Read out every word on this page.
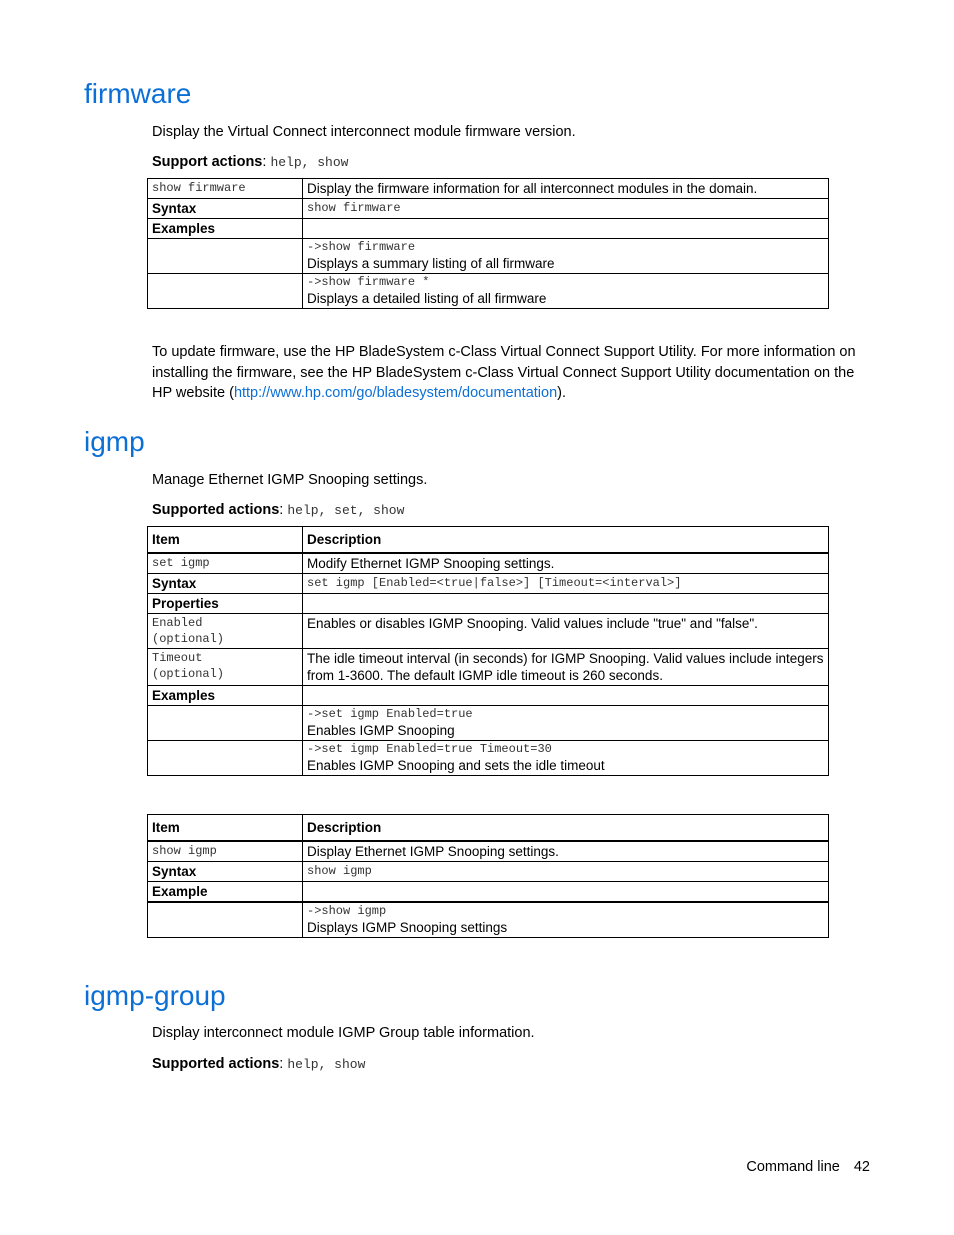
firmware

Display the Virtual Connect interconnect module firmware version.

Support actions: help, show
show firmware	Display the firmware information for all interconnect modules in the domain.
Syntax	show firmware
Examples	

	->show firmware
Displays a summary listing of all firmware

	->show firmware *
Displays a detailed listing of all firmware

To update firmware, use the HP BladeSystem c-Class Virtual Connect Support Utility. For more information on installing the firmware, see the HP BladeSystem c-Class Virtual Connect Support Utility documentation on the HP website (http://www.hp.com/go/bladesystem/documentation).

igmp

Manage Ethernet IGMP Snooping settings.

Supported actions: help, set, show
Item	Description
set igmp	Modify Ethernet IGMP Snooping settings.
Syntax	set igmp [Enabled=<true|false>] [Timeout=<interval>]
Properties	

Enabled
(optional)	Enables or disables IGMP Snooping. Valid values include "true" and "false".

Timeout
(optional)	The idle timeout interval (in seconds) for IGMP Snooping. Valid values include integers from 1-3600. The default IGMP idle timeout is 260 seconds.
Examples	

	->set igmp Enabled=true
Enables IGMP Snooping

	->set igmp Enabled=true Timeout=30
Enables IGMP Snooping and sets the idle timeout
Item	Description
show igmp	Display Ethernet IGMP Snooping settings.
Syntax	show igmp
Example	

	->show igmp
Displays IGMP Snooping settings
igmp-group

Display interconnect module IGMP Group table information.

Supported actions: help, show
Command line 42
